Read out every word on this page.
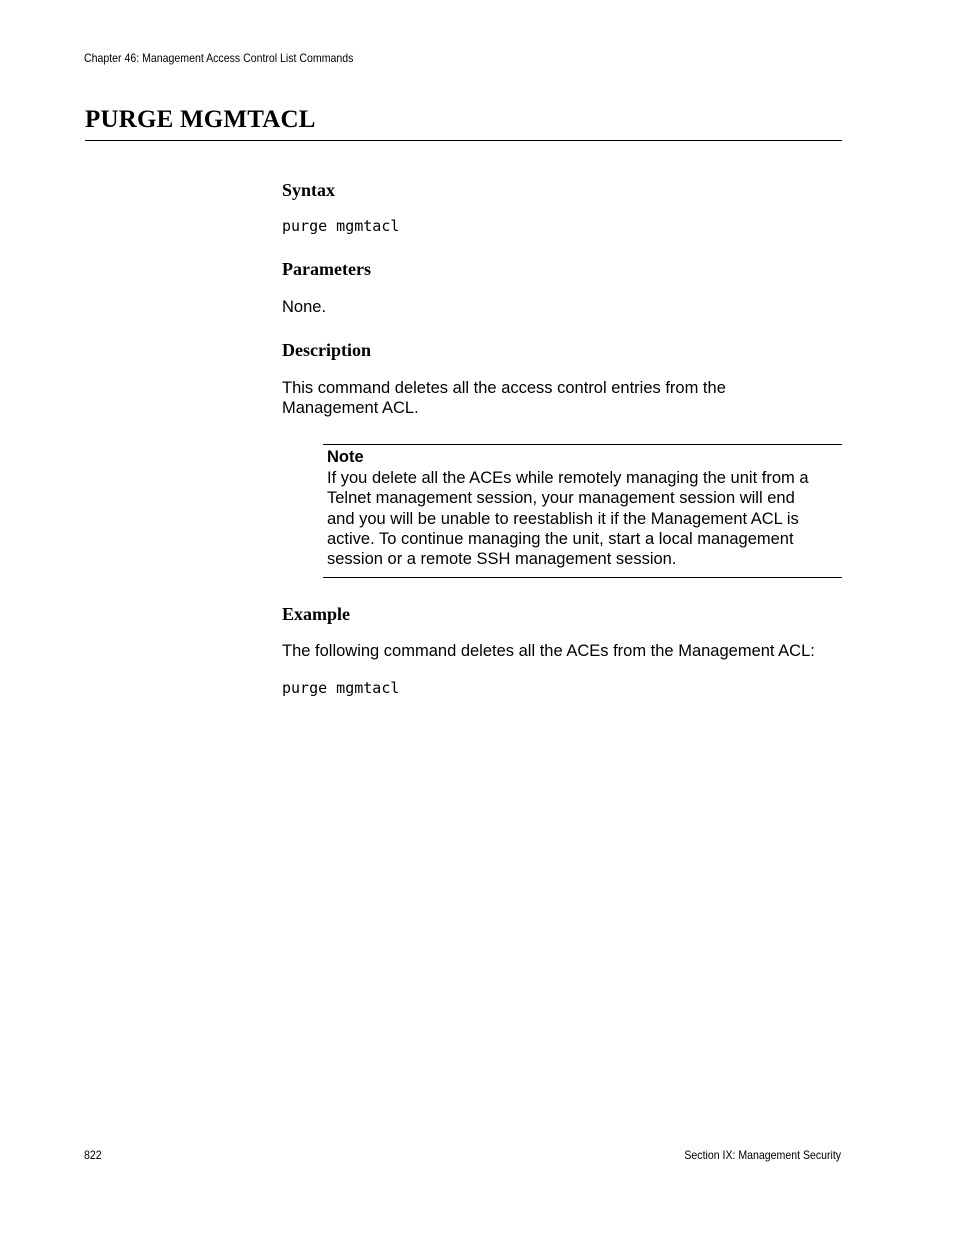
Chapter 46: Management Access Control List Commands
PURGE MGMTACL
Syntax
purge mgmtacl
Parameters
None.
Description
This command deletes all the access control entries from the
Management ACL.
Note
If you delete all the ACEs while remotely managing the unit from a
Telnet management session, your management session will end
and you will be unable to reestablish it if the Management ACL is
active. To continue managing the unit, start a local management
session or a remote SSH management session.
Example
The following command deletes all the ACEs from the Management ACL:
purge mgmtacl
822	Section IX: Management Security
